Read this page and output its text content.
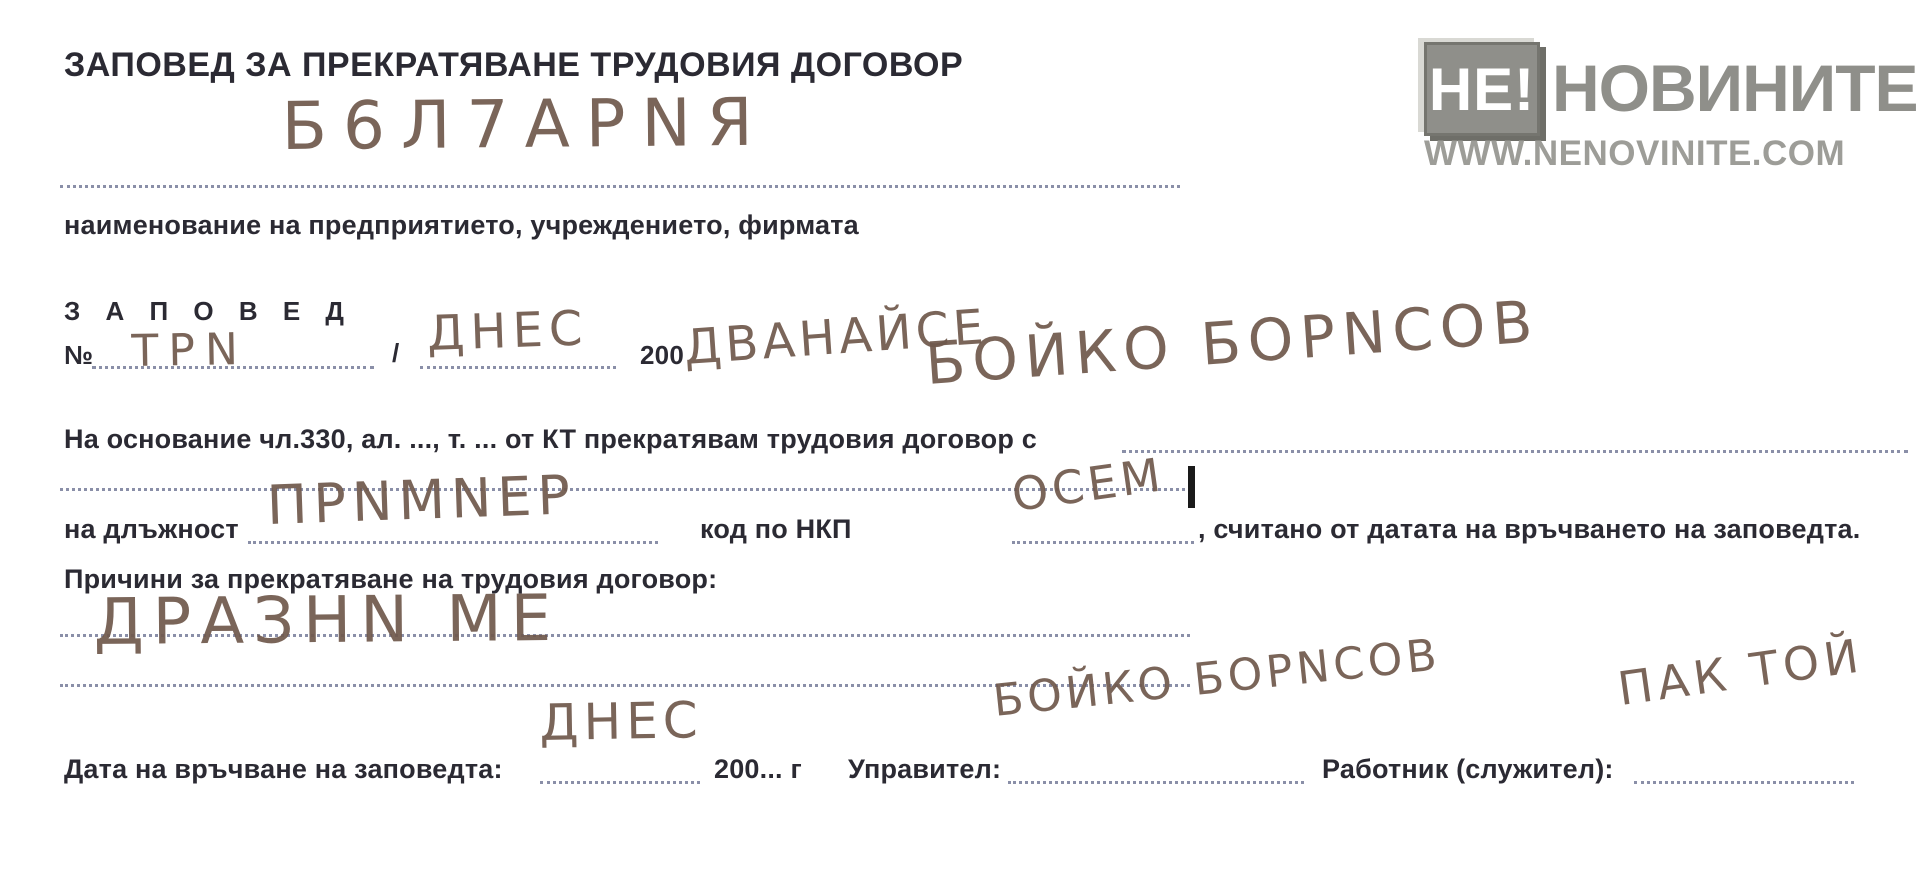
ЗАПОВЕД ЗА ПРЕКРАТЯВАНЕ ТРУДОВИЯ ДОГОВОР	НЕ! НОВИНИТЕ
WWW.NENOVINITE.COM
Б6Л7АРNЯ
наименование на предприятието, учреждението, фирмата
З А П О В Е Д
№ ТРN	/ ДНЕС 200
ДВАНАЙСЕ
БОЙКО БОРNСОВ
На основание чл.330, ал. ..., т. ... от КТ прекратявам трудовия договор с
на длъжност ПРNМNЕР	код по НКП
ОСЕМ
, считано от датата на връчването на заповедта.
Причини за прекратяване на трудовия договор:
ДРАЗНN МЕ
Дата на връчване на заповедта:
ДНЕС
200... г Управител:
БОЙКО БОРNСОВ
Работник (служител):
ПАК ТОЙ
